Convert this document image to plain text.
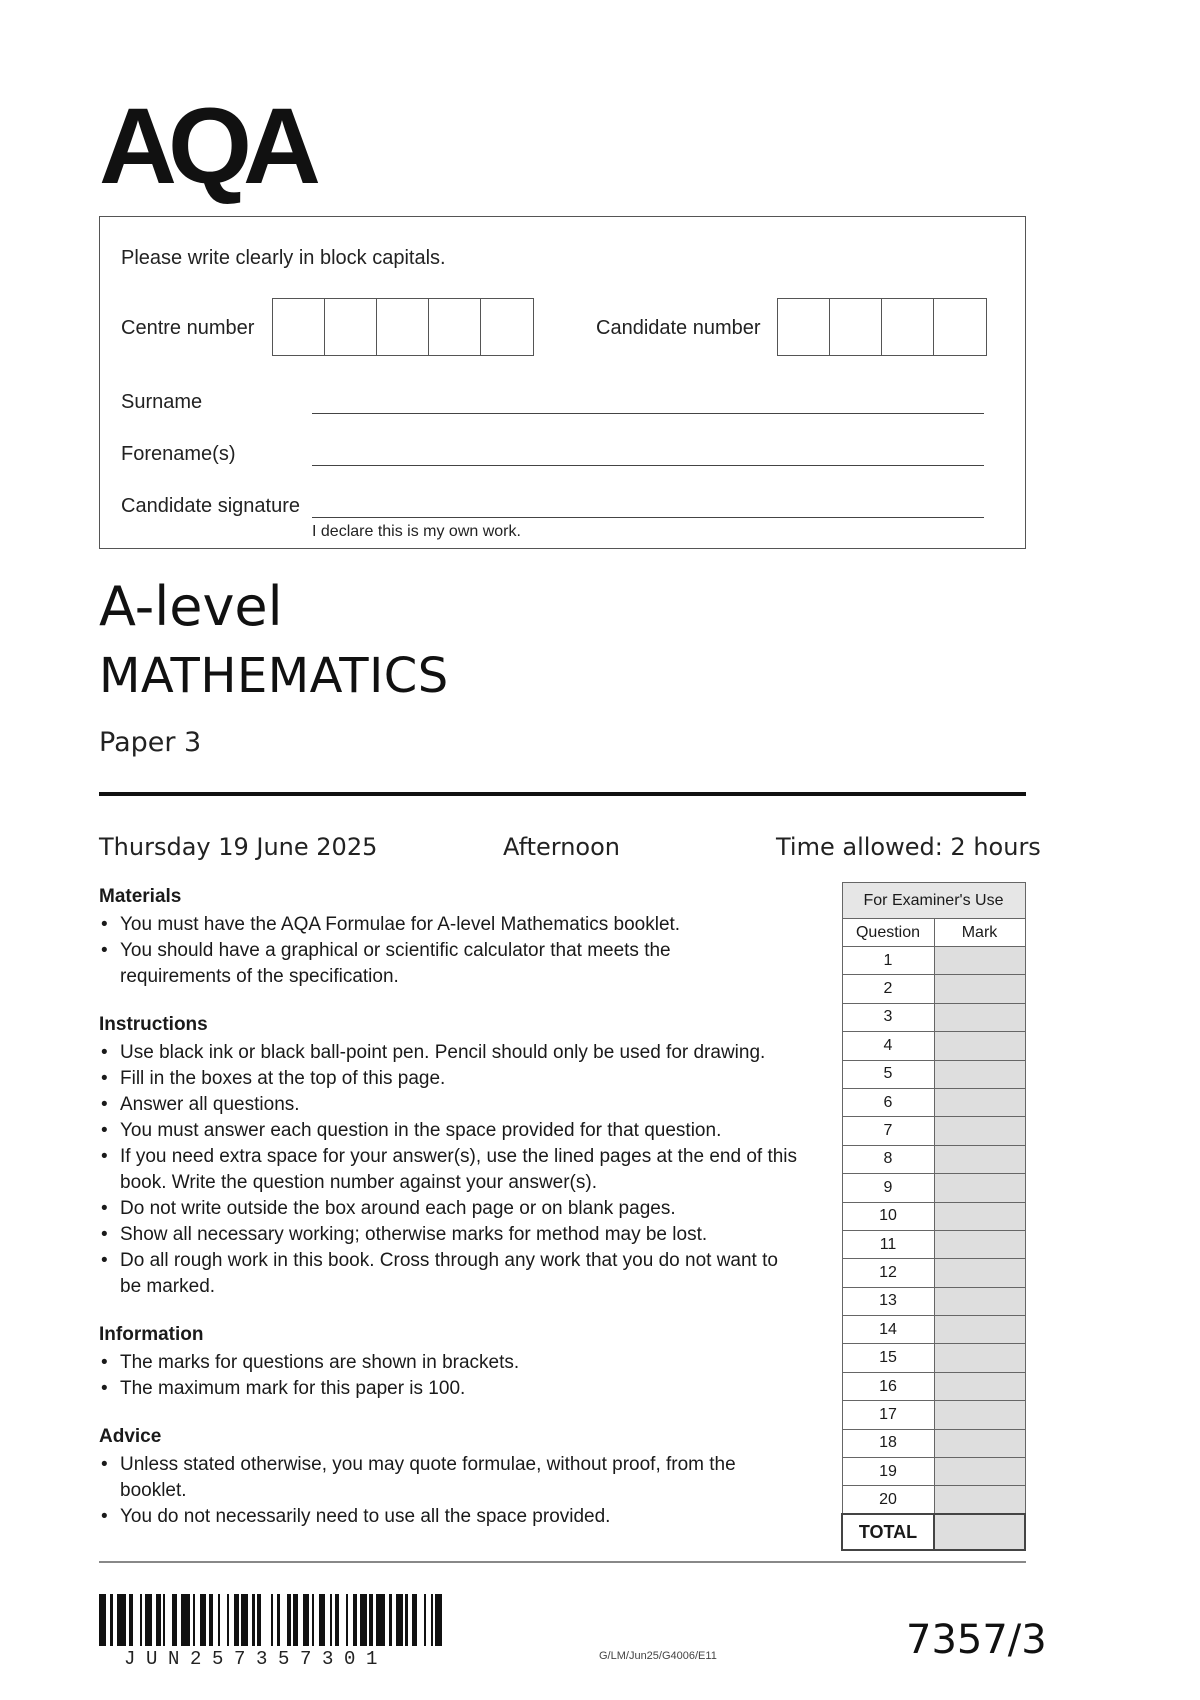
AQA
Please write clearly in block capitals.
Centre number	Candidate number
Surname
Forename(s)
Candidate signature
I declare this is my own work.
A-level
MATHEMATICS
Paper 3
Thursday 19 June 2025	Afternoon	Time allowed: 2 hours
Materials
• You must have the AQA Formulae for A-level Mathematics booklet.
• You should have a graphical or scientific calculator that meets the requirements of the specification.
Instructions
• Use black ink or black ball-point pen. Pencil should only be used for drawing.
• Fill in the boxes at the top of this page.
• Answer all questions.
• You must answer each question in the space provided for that question.
• If you need extra space for your answer(s), use the lined pages at the end of this book. Write the question number against your answer(s).
• Do not write outside the box around each page or on blank pages.
• Show all necessary working; otherwise marks for method may be lost.
• Do all rough work in this book. Cross through any work that you do not want to be marked.
Information
• The marks for questions are shown in brackets.
• The maximum mark for this paper is 100.
Advice
• Unless stated otherwise, you may quote formulae, without proof, from the booklet.
• You do not necessarily need to use all the space provided.
For Examiner's Use	
Question	Mark
1	
2	
3	
4	
5	
6	
7	
8	
9	
10	
11	
12	
13	
14	
15	
16	
17	
18	
19	
20	
TOTAL	
JUN257357301	G/LM/Jun25/G4006/E11	7357/3
